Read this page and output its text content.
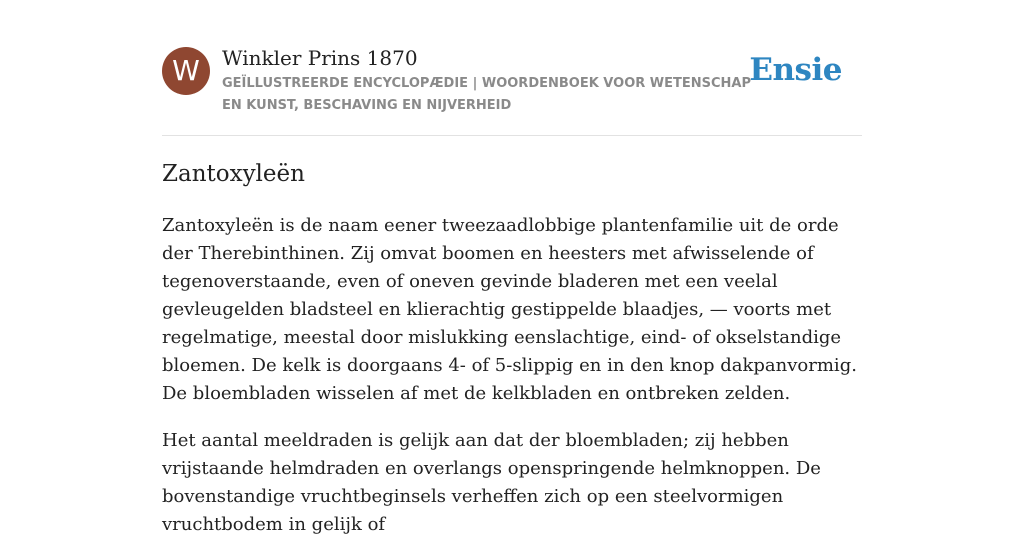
W	Winkler Prins 1870
GEÏLLUSTREERDE ENCYCLOPÆDIE | WOORDENBOEK VOOR WETENSCHAP EN KUNST, BESCHAVING EN NIJVERHEID
Ensie
Zantoxyleën

Zantoxyleën is de naam eener tweezaadlobbige plantenfamilie uit de orde der Therebinthinen. Zij omvat boomen en heesters met afwisselende of tegenoverstaande, even of oneven gevinde bladeren met een veelal gevleugelden bladsteel en klierachtig gestippelde blaadjes, — voorts met regelmatige, meestal door mislukking eenslachtige, eind- of okselstandige bloemen. De kelk is doorgaans 4- of 5-slippig en in den knop dakpanvormig. De bloembladen wisselen af met de kelkbladen en ontbreken zelden.

Het aantal meeldraden is gelijk aan dat der bloembladen; zij hebben vrijstaande helmdraden en overlangs openspringende helmknoppen. De bovenstandige vruchtbeginsels verheffen zich op een steelvormigen vruchtbodem in gelijk of
